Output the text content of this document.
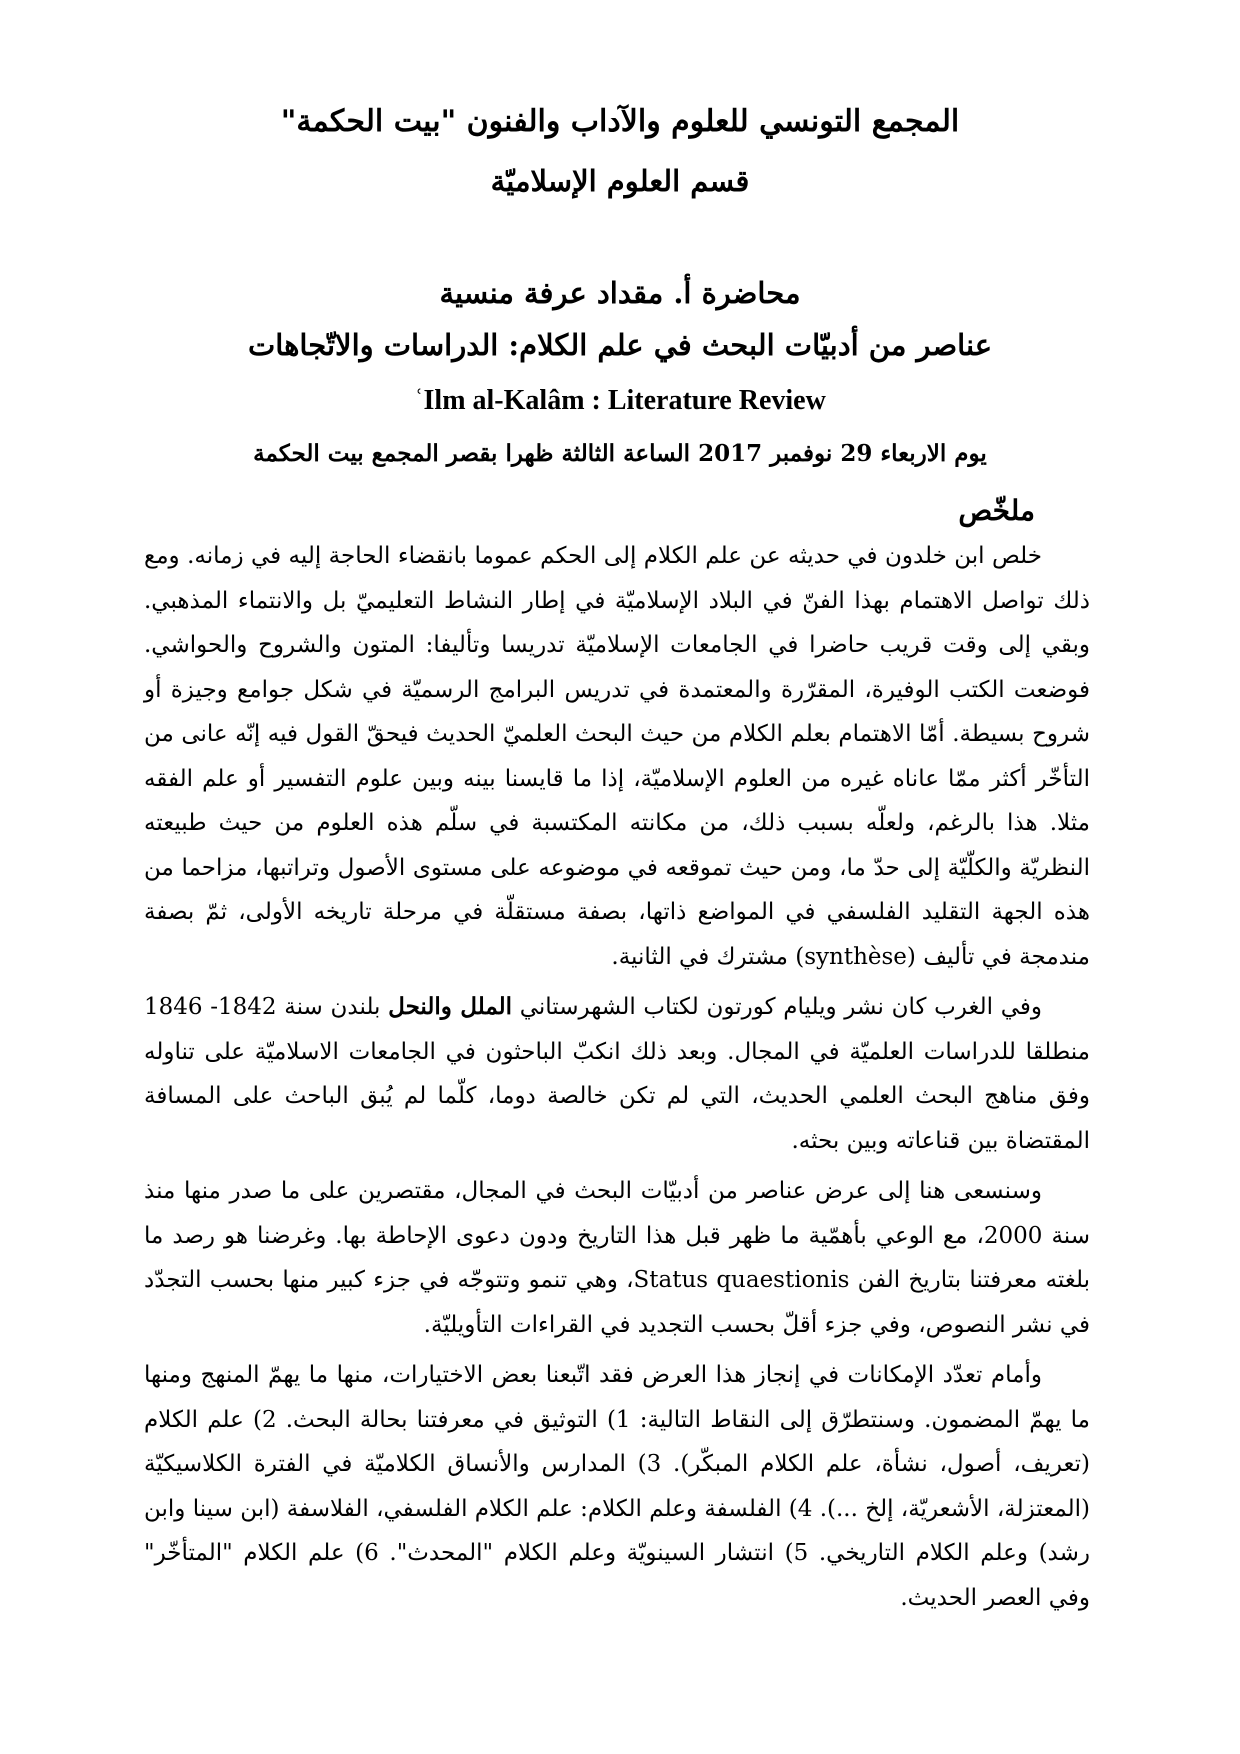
المجمع التونسي للعلوم والآداب والفنون "بيت الحكمة"
قسم العلوم الإسلاميّة
محاضرة أ. مقداد عرفة منسية
عناصر من أدبيّات البحث في علم الكلام: الدراسات والاتّجاهات
ʿIlm al-Kalâm : Literature Review
يوم الاربعاء 29 نوفمبر 2017 الساعة الثالثة ظهرا بقصر المجمع بيت الحكمة
ملخّص

خلص ابن خلدون في حديثه عن علم الكلام إلى الحكم عموما بانقضاء الحاجة إليه في زمانه. ومع ذلك تواصل الاهتمام بهذا الفنّ في البلاد الإسلاميّة في إطار النشاط التعليميّ بل والانتماء المذهبي. وبقي إلى وقت قريب حاضرا في الجامعات الإسلاميّة تدريسا وتأليفا: المتون والشروح والحواشي. فوضعت الكتب الوفيرة، المقرّرة والمعتمدة في تدريس البرامج الرسميّة في شكل جوامع وجيزة أو شروح بسيطة. أمّا الاهتمام بعلم الكلام من حيث البحث العلميّ الحديث فيحقّ القول فيه إنّه عانى من التأخّر أكثر ممّا عاناه غيره من العلوم الإسلاميّة، إذا ما قايسنا بينه وبين علوم التفسير أو علم الفقه مثلا. هذا بالرغم، ولعلّه بسبب ذلك، من مكانته المكتسبة في سلّم هذه العلوم من حيث طبيعته النظريّة والكلّيّة إلى حدّ ما، ومن حيث تموقعه في موضوعه على مستوى الأصول وتراتبها، مزاحما من هذه الجهة التقليد الفلسفي في المواضع ذاتها، بصفة مستقلّة في مرحلة تاريخه الأولى، ثمّ بصفة مندمجة في تأليف (synthèse) مشترك في الثانية.

وفي الغرب كان نشر ويليام كورتون لكتاب الشهرستاني الملل والنحل بلندن سنة 1842- 1846 منطلقا للدراسات العلميّة في المجال. وبعد ذلك انكبّ الباحثون في الجامعات الاسلاميّة على تناوله وفق مناهج البحث العلمي الحديث، التي لم تكن خالصة دوما، كلّما لم يُبق الباحث على المسافة المقتضاة بين قناعاته وبين بحثه.

وسنسعى هنا إلى عرض عناصر من أدبيّات البحث في المجال، مقتصرين على ما صدر منها منذ سنة 2000، مع الوعي بأهمّية ما ظهر قبل هذا التاريخ ودون دعوى الإحاطة بها. وغرضنا هو رصد ما بلغته معرفتنا بتاريخ الفن Status quaestionis، وهي تنمو وتتوجّه في جزء كبير منها بحسب التجدّد في نشر النصوص، وفي جزء أقلّ بحسب التجديد في القراءات التأويليّة.

وأمام تعدّد الإمكانات في إنجاز هذا العرض فقد اتّبعنا بعض الاختيارات، منها ما يهمّ المنهج ومنها ما يهمّ المضمون. وسنتطرّق إلى النقاط التالية: 1) التوثيق في معرفتنا بحالة البحث. 2) علم الكلام (تعريف، أصول، نشأة، علم الكلام المبكّر). 3) المدارس والأنساق الكلاميّة في الفترة الكلاسيكيّة (المعتزلة، الأشعريّة، إلخ ...). 4) الفلسفة وعلم الكلام: علم الكلام الفلسفي، الفلاسفة (ابن سينا وابن رشد) وعلم الكلام التاريخي. 5) انتشار السينويّة وعلم الكلام "المحدث". 6) علم الكلام "المتأخّر" وفي العصر الحديث.
